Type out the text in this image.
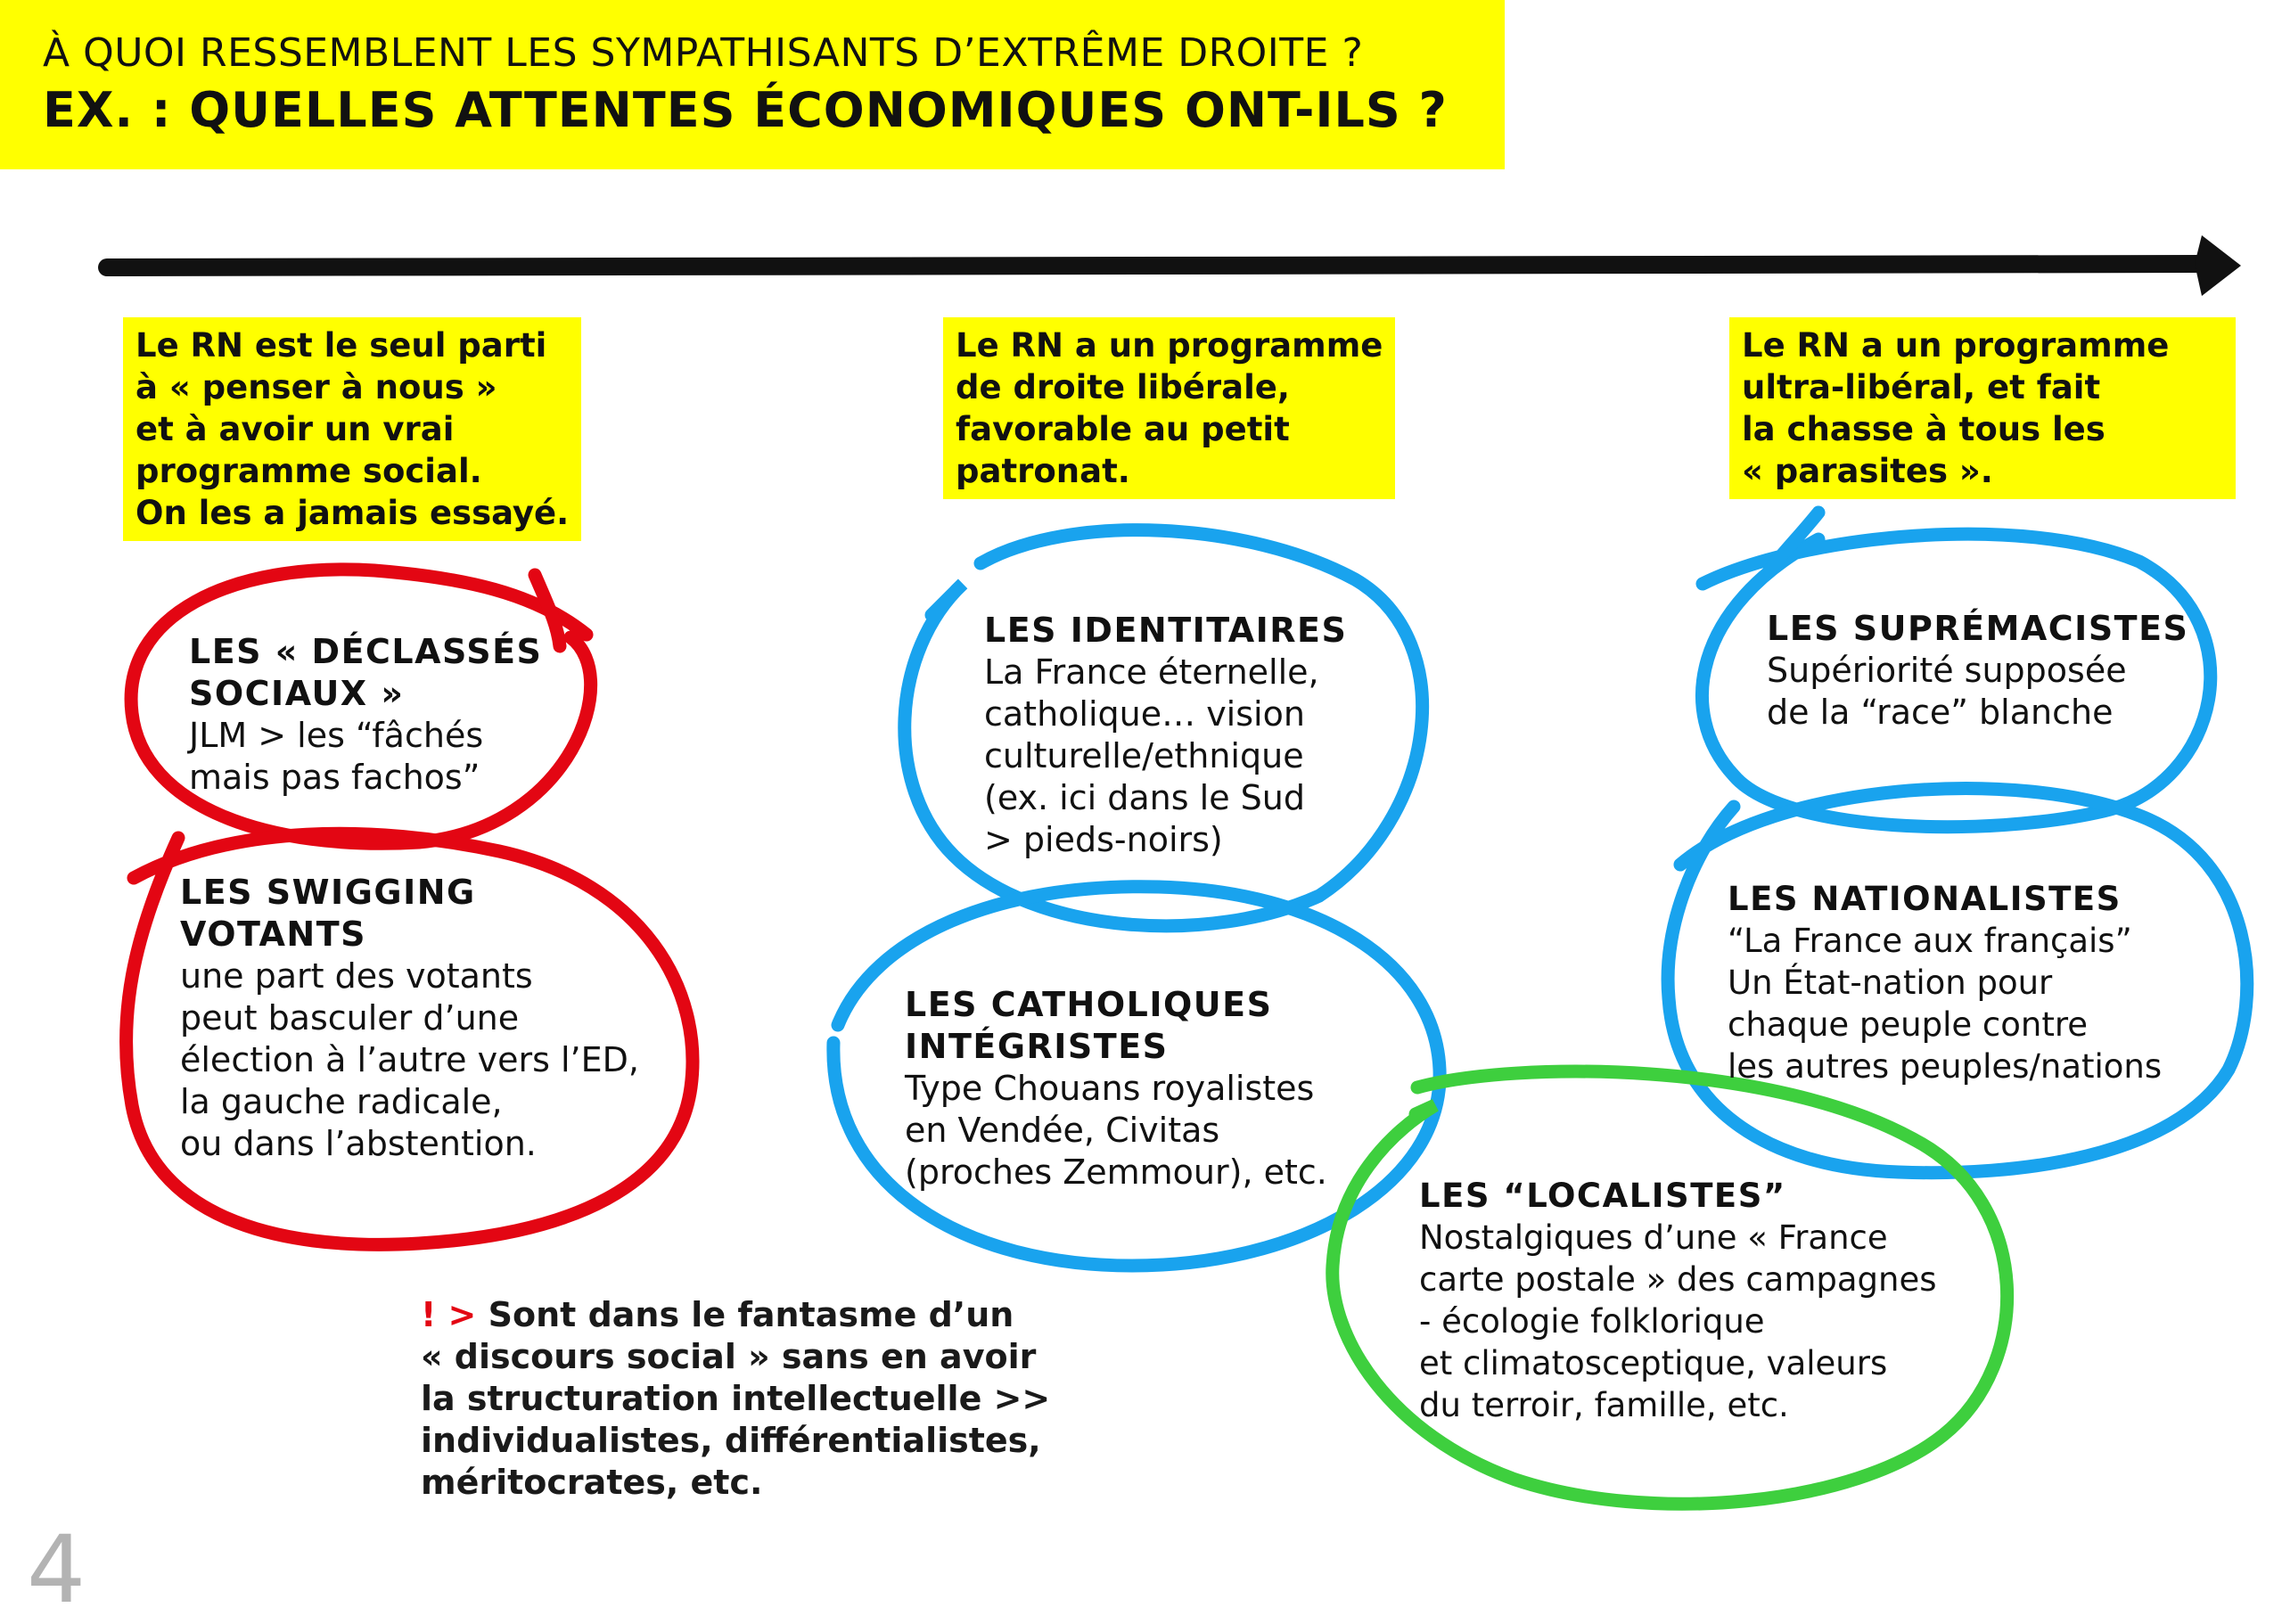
À QUOI RESSEMBLENT LES SYMPATHISANTS D’EXTRÊME DROITE ?
EX. : QUELLES ATTENTES ÉCONOMIQUES ONT-ILS ?
Le RN est le seul parti
à « penser à nous »
et à avoir un vrai
programme social.
On les a jamais essayé.
Le RN a un programme
de droite libérale,
favorable au petit
patronat.
Le RN a un programme
ultra-libéral, et fait
la chasse à tous les
« parasites ».
LES « DÉCLASSÉS
SOCIAUX »
JLM > les “fâchés
mais pas fachos”
LES SWIGGING
VOTANTS
une part des votants
peut basculer d’une
élection à l’autre vers l’ED,
la gauche radicale,
ou dans l’abstention.
LES IDENTITAIRES
La France éternelle,
catholique… vision
culturelle/ethnique
(ex. ici dans le Sud
> pieds-noirs)
LES CATHOLIQUES
INTÉGRISTES
Type Chouans royalistes
en Vendée, Civitas
(proches Zemmour), etc.
LES SUPRÉMACISTES
Supériorité supposée
de la “race” blanche
LES NATIONALISTES
“La France aux français”
Un État-nation pour
chaque peuple contre
les autres peuples/nations
LES “LOCALISTES”
Nostalgiques d’une « France
carte postale » des campagnes
- écologie folklorique
et climatosceptique, valeurs
du terroir, famille, etc.
! > Sont dans le fantasme d’un
« discours social » sans en avoir
la structuration intellectuelle >>
individualistes, différentialistes,
méritocrates, etc.
4
